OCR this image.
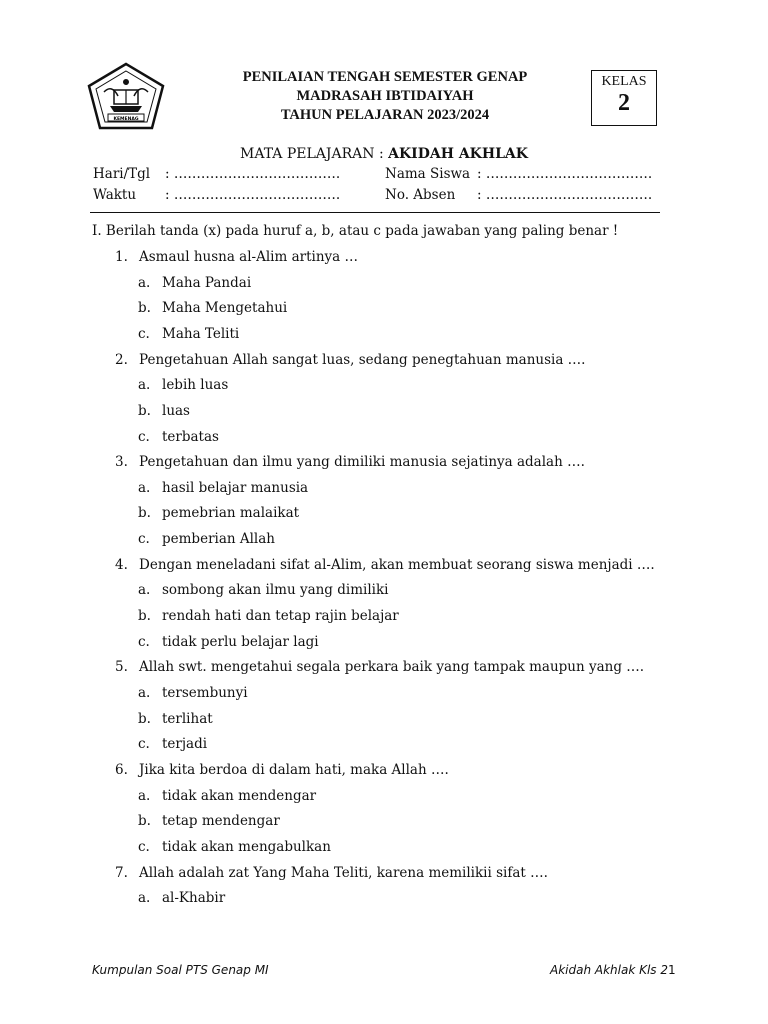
KEMENAG
PENILAIAN TENGAH SEMESTER GENAP
MADRASAH IBTIDAIYAH
TAHUN PELAJARAN 2023/2024
KELAS
2
MATA PELAJARAN : AKIDAH AKHLAK
Hari/Tgl : ……………………………….
Waktu : ……………………………….
Nama Siswa : ……………………………….
No. Absen : ……………………………….
I. Berilah tanda (x) pada huruf a, b, atau c pada jawaban yang paling benar !
1. Asmaul husna al-Alim artinya …
a. Maha Pandai
b. Maha Mengetahui
c. Maha Teliti
2. Pengetahuan Allah sangat luas, sedang penegtahuan manusia ….
a. lebih luas
b. luas
c. terbatas
3. Pengetahuan dan ilmu yang dimiliki manusia sejatinya adalah ….
a. hasil belajar manusia
b. pemebrian malaikat
c. pemberian Allah
4. Dengan meneladani sifat al-Alim, akan membuat seorang siswa menjadi ….
a. sombong akan ilmu yang dimiliki
b. rendah hati dan tetap rajin belajar
c. tidak perlu belajar lagi
5. Allah swt. mengetahui segala perkara baik yang tampak maupun yang ….
a. tersembunyi
b. terlihat
c. terjadi
6. Jika kita berdoa di dalam hati, maka Allah ….
a. tidak akan mendengar
b. tetap mendengar
c. tidak akan mengabulkan
7. Allah adalah zat Yang Maha Teliti, karena memilikii sifat ….
a. al-Khabir
Kumpulan Soal PTS Genap MI	Akidah Akhlak Kls 2 1
